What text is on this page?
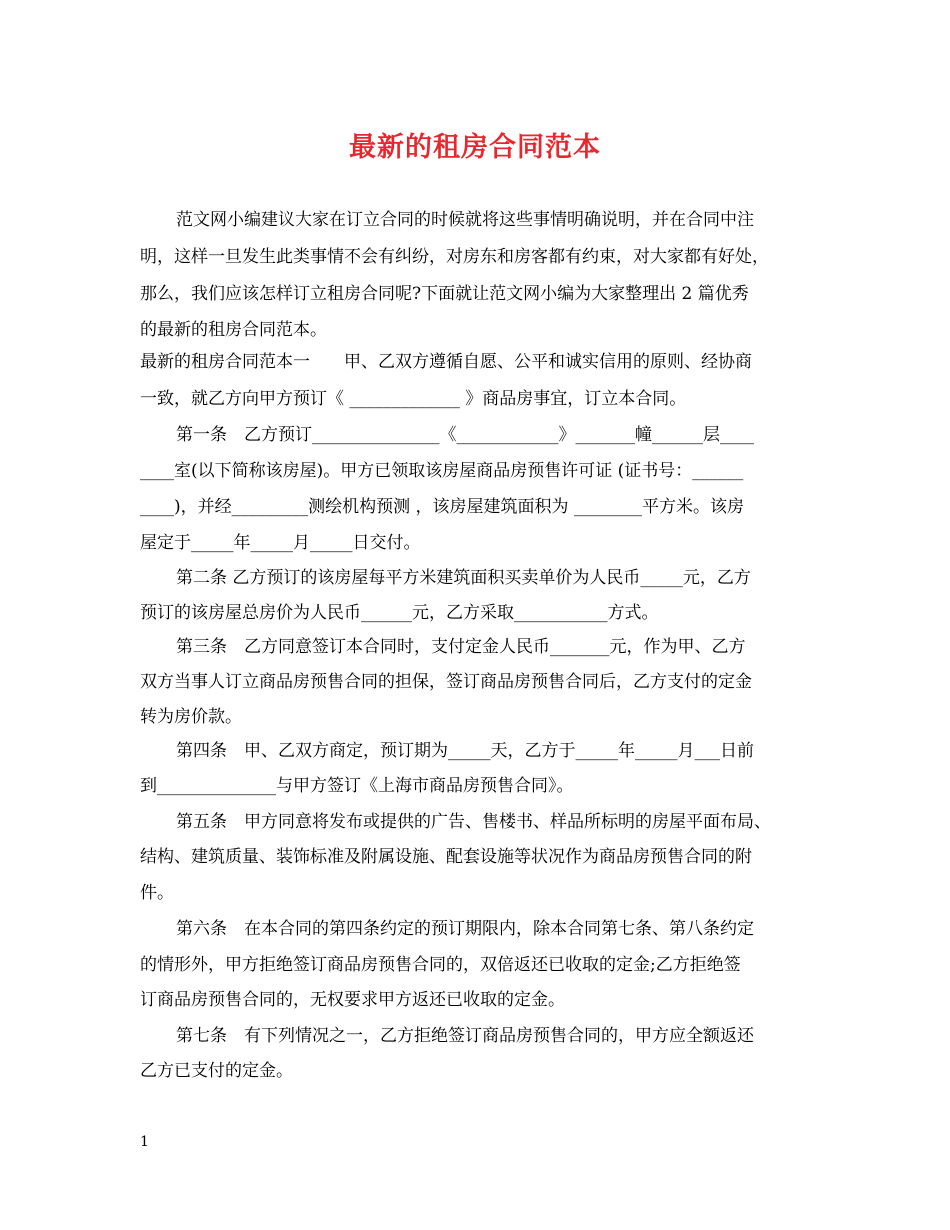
最新的租房合同范本

范文网小编建议大家在订立合同的时候就将这些事情明确说明，并在合同中注

明，这样一旦发生此类事情不会有纠纷，对房东和房客都有约束，对大家都有好处，

那么，我们应该怎样订立租房合同呢?下面就让范文网小编为大家整理出 2 篇优秀

的最新的租房合同范本。

最新的租房合同范本一　　甲、乙双方遵循自愿、公平和诚实信用的原则、经协商

一致，就乙方向甲方预订《 _____________ 》商品房事宜，订立本合同。

第一条　乙方预订_______________《____________》_______幢______层____

____室(以下简称该房屋)。甲方已领取该房屋商品房预售许可证 (证书号：______

____)，并经_________测绘机构预测 ，该房屋建筑面积为 ________平方米。该房

屋定于_____年_____月_____日交付。

第二条 乙方预订的该房屋每平方米建筑面积买卖单价为人民币_____元，乙方

预订的该房屋总房价为人民币______元，乙方采取___________方式。

第三条　乙方同意签订本合同时，支付定金人民币_______元，作为甲、乙方

双方当事人订立商品房预售合同的担保，签订商品房预售合同后，乙方支付的定金

转为房价款。

第四条　甲、乙双方商定，预订期为_____天，乙方于_____年_____月___日前

到______________与甲方签订《上海市商品房预售合同》。

第五条　甲方同意将发布或提供的广告、售楼书、样品所标明的房屋平面布局、

结构、建筑质量、装饰标准及附属设施、配套设施等状况作为商品房预售合同的附

件。

第六条　在本合同的第四条约定的预订期限内，除本合同第七条、第八条约定

的情形外，甲方拒绝签订商品房预售合同的，双倍返还已收取的定金;乙方拒绝签

订商品房预售合同的，无权要求甲方返还已收取的定金。

第七条　有下列情况之一，乙方拒绝签订商品房预售合同的，甲方应全额返还

乙方已支付的定金。

1
